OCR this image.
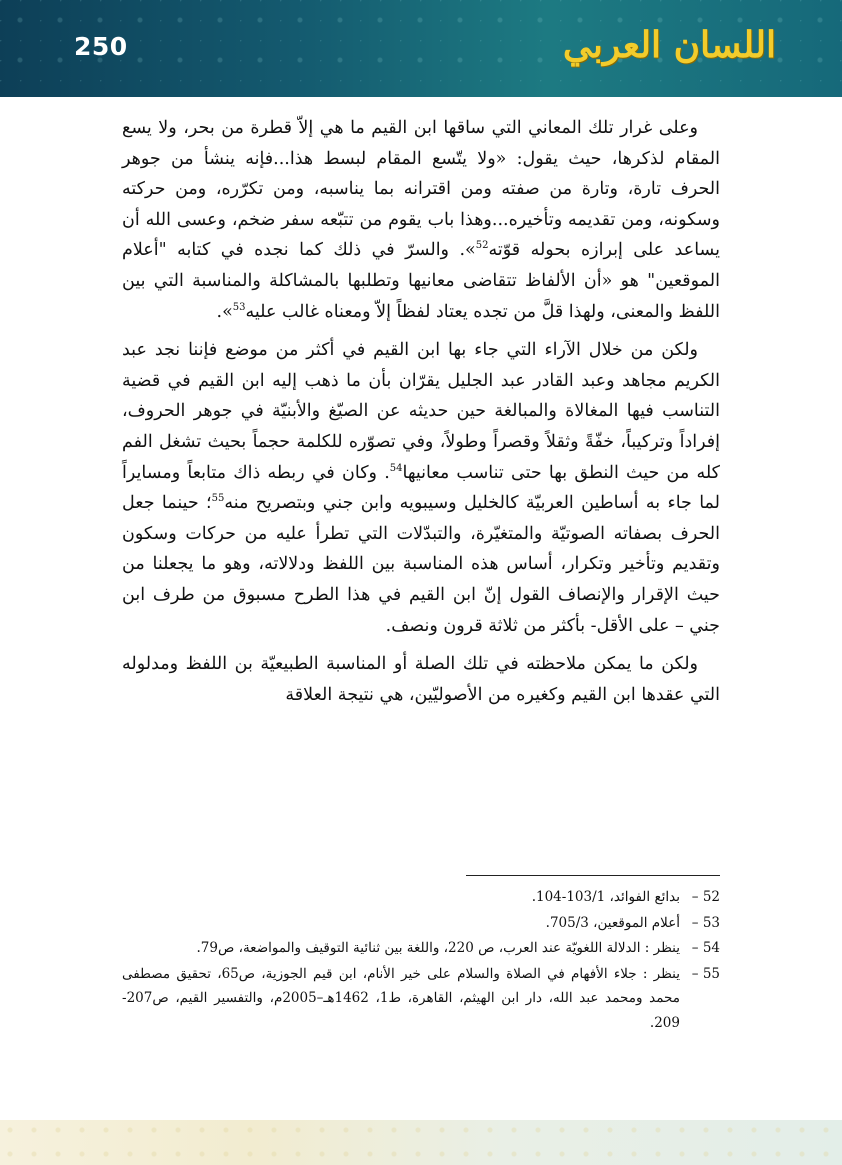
250	اللسان العربي

وعلى غرار تلك المعاني التي ساقها ابن القيم ما هي إلاّ قطرة من بحر، ولا يسع المقام لذكرها، حيث يقول: «ولا يتّسع المقام لبسط هذا...فإنه ينشأ من جوهر الحرف تارة، وتارة من صفته ومن اقترانه بما يناسبه، ومن تكرّره، ومن حركته وسكونه، ومن تقديمه وتأخيره...وهذا باب يقوم من تتبّعه سفر ضخم، وعسى الله أن يساعد على إبرازه بحوله قوّته$^{52}$». والسرّ في ذلك كما نجده في كتابه "أعلام الموقعين" هو «أن الألفاظ تتقاضى معانيها وتطلبها بالمشاكلة والمناسبة التي بين اللفظ والمعنى، ولهذا قلَّ من تجده يعتاد لفظاً إلاّ ومعناه غالب عليه$^{53}$».

ولكن من خلال الآراء التي جاء بها ابن القيم في أكثر من موضع فإننا نجد عبد الكريم مجاهد وعبد القادر عبد الجليل يقرّان بأن ما ذهب إليه ابن القيم في قضية التناسب فيها المغالاة والمبالغة حين حديثه عن الصيّغ والأبنيّة في جوهر الحروف، إفراداً وتركيباً، خفّةً وثقلاً وقصراً وطولاً، وفي تصوّره للكلمة حجماً بحيث تشغل الفم كله من حيث النطق بها حتى تناسب معانيها$^{54}$. وكان في ربطه ذاك متابعاً ومسايراً لما جاء به أساطين العربيّة كالخليل وسيبويه وابن جني وبتصريح منه$^{55}$؛ حينما جعل الحرف بصفاته الصوتيّة والمتغيّرة، والتبدّلات التي تطرأ عليه من حركات وسكون وتقديم وتأخير وتكرار، أساس هذه المناسبة بين اللفظ ودلالاته، وهو ما يجعلنا من حيث الإقرار والإنصاف القول إنّ ابن القيم في هذا الطرح مسبوق من طرف ابن جني – على الأقل- بأكثر من ثلاثة قرون ونصف.

ولكن ما يمكن ملاحظته في تلك الصلة أو المناسبة الطبيعيّة بن اللفظ ومدلوله التي عقدها ابن القيم وكغيره من الأصوليّين، هي نتيجة العلاقة

52 –
بدائع الفوائد، 103/1-104.
53 –
أعلام الموقعين، 705/3.
54 –
ينظر : الدلالة اللغويّة عند العرب، ص 220، واللغة بين ثنائية التوقيف والمواضعة، ص79.
55 –
ينظر : جلاء الأفهام في الصلاة والسلام على خير الأنام، ابن قيم الجوزية، ص65، تحقيق مصطفى محمد ومحمد عبد الله، دار ابن الهيثم، القاهرة، ط1، 1462هـ–2005م، والتفسير القيم، ص207-209.
